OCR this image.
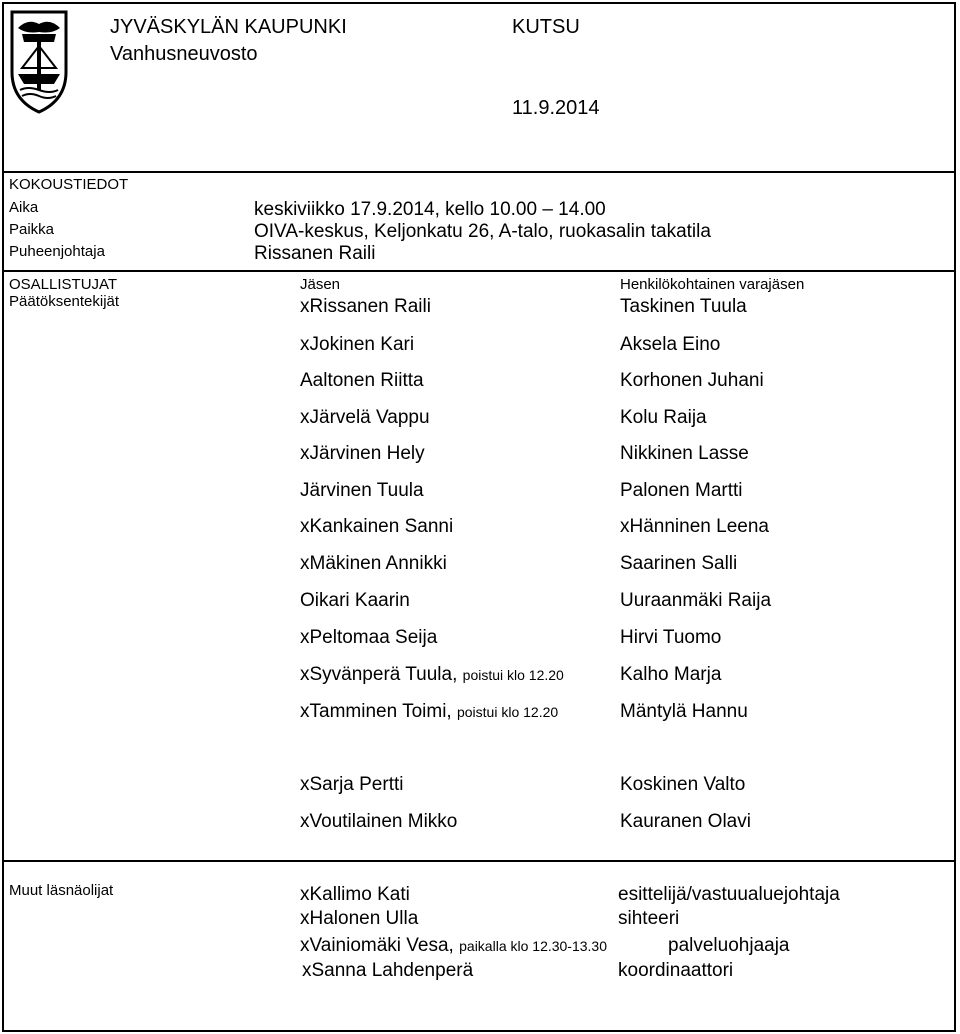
JYVÄSKYLÄN KAUPUNKI
Vanhusneuvosto
KUTSU
11.9.2014
KOKOUSTIEDOT
Aika	keskiviikko 17.9.2014, kello 10.00 – 14.00
Paikka	OIVA-keskus, Keljonkatu 26, A-talo, ruokasalin takatila
Puheenjohtaja	Rissanen Raili
OSALLISTUJAT
Päätöksentekijät
Jäsen	Henkilökohtainen varajäsen
xRissanen Raili	Taskinen Tuula
xJokinen Kari	Aksela Eino
Aaltonen Riitta	Korhonen Juhani
xJärvelä Vappu	Kolu Raija
xJärvinen Hely	Nikkinen Lasse
Järvinen Tuula	Palonen Martti
xKankainen Sanni	xHänninen Leena
xMäkinen Annikki	Saarinen Salli
Oikari Kaarin	Uuraanmäki Raija
xPeltomaa Seija	Hirvi Tuomo
xSyvänperä Tuula, poistui klo 12.20	Kalho Marja
xTamminen Toimi, poistui klo 12.20	Mäntylä Hannu
xSarja Pertti	Koskinen Valto
xVoutilainen Mikko	Kauranen Olavi
Muut läsnäolijat	xKallimo Kati	esittelijä/vastuualuejohtaja
xHalonen Ulla	sihteeri
xVainiomäki Vesa, paikalla klo 12.30-13.30	palveluohjaaja
xSanna Lahdenperä	koordinaattori
